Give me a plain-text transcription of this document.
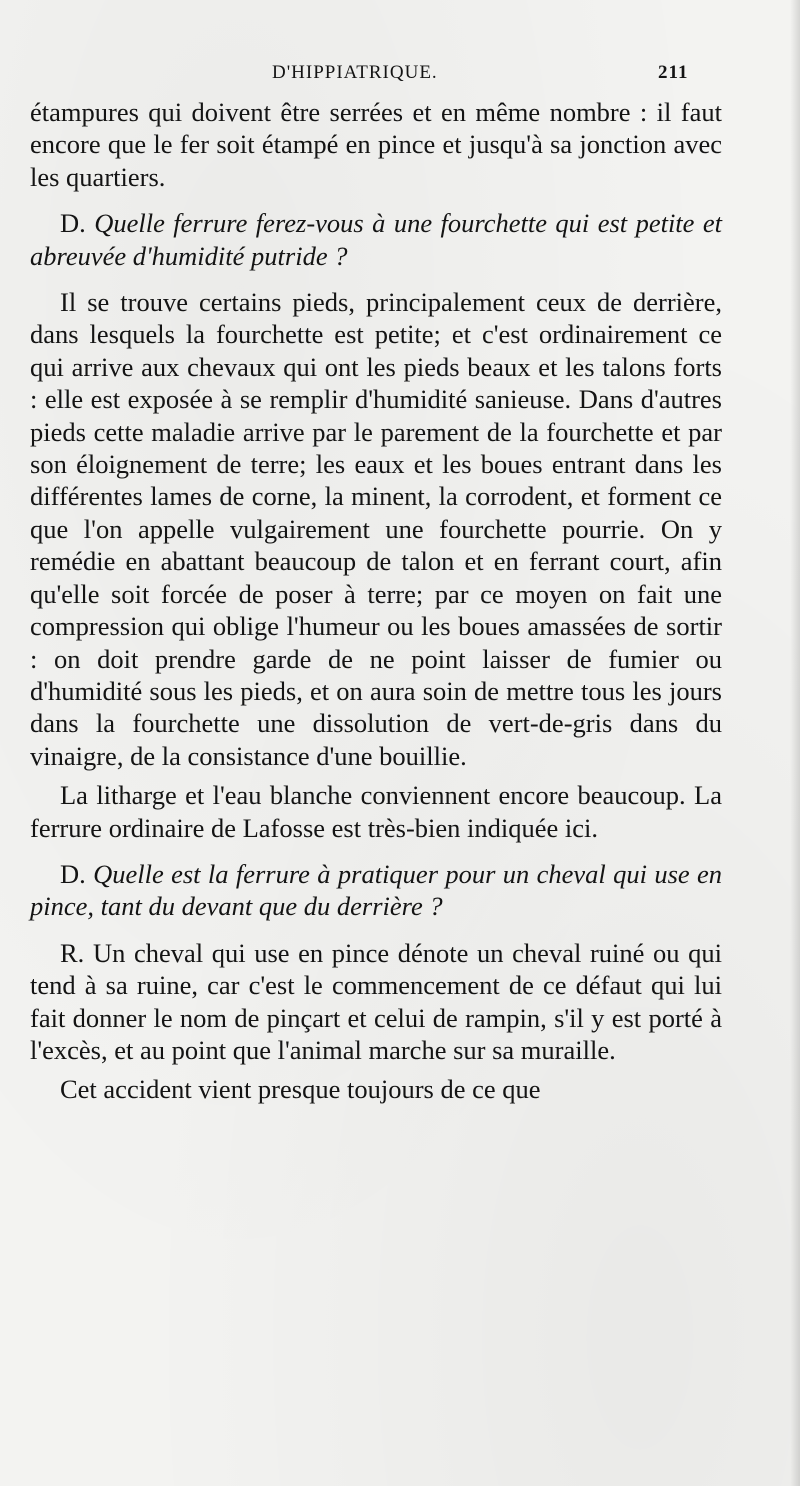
D'HIPPIATRIQUE.	211

étampures qui doivent être serrées et en même nombre : il faut encore que le fer soit étampé en pince et jusqu'à sa jonction avec les quartiers.

D. Quelle ferrure ferez-vous à une fourchette qui est petite et abreuvée d'humidité putride ?

Il se trouve certains pieds, principalement ceux de derrière, dans lesquels la fourchette est petite; et c'est ordinairement ce qui arrive aux chevaux qui ont les pieds beaux et les talons forts : elle est exposée à se remplir d'humidité sanieuse. Dans d'autres pieds cette maladie arrive par le parement de la fourchette et par son éloignement de terre; les eaux et les boues entrant dans les différentes lames de corne, la minent, la corrodent, et forment ce que l'on appelle vulgairement une fourchette pourrie. On y remédie en abattant beaucoup de talon et en ferrant court, afin qu'elle soit forcée de poser à terre; par ce moyen on fait une compression qui oblige l'humeur ou les boues amassées de sortir : on doit prendre garde de ne point laisser de fumier ou d'humidité sous les pieds, et on aura soin de mettre tous les jours dans la fourchette une dissolution de vert-de-gris dans du vinaigre, de la consistance d'une bouillie.

La litharge et l'eau blanche conviennent encore beaucoup. La ferrure ordinaire de Lafosse est très-bien indiquée ici.

D. Quelle est la ferrure à pratiquer pour un cheval qui use en pince, tant du devant que du derrière ?

R. Un cheval qui use en pince dénote un cheval ruiné ou qui tend à sa ruine, car c'est le commencement de ce défaut qui lui fait donner le nom de pinçart et celui de rampin, s'il y est porté à l'excès, et au point que l'animal marche sur sa muraille.

Cet accident vient presque toujours de ce que
